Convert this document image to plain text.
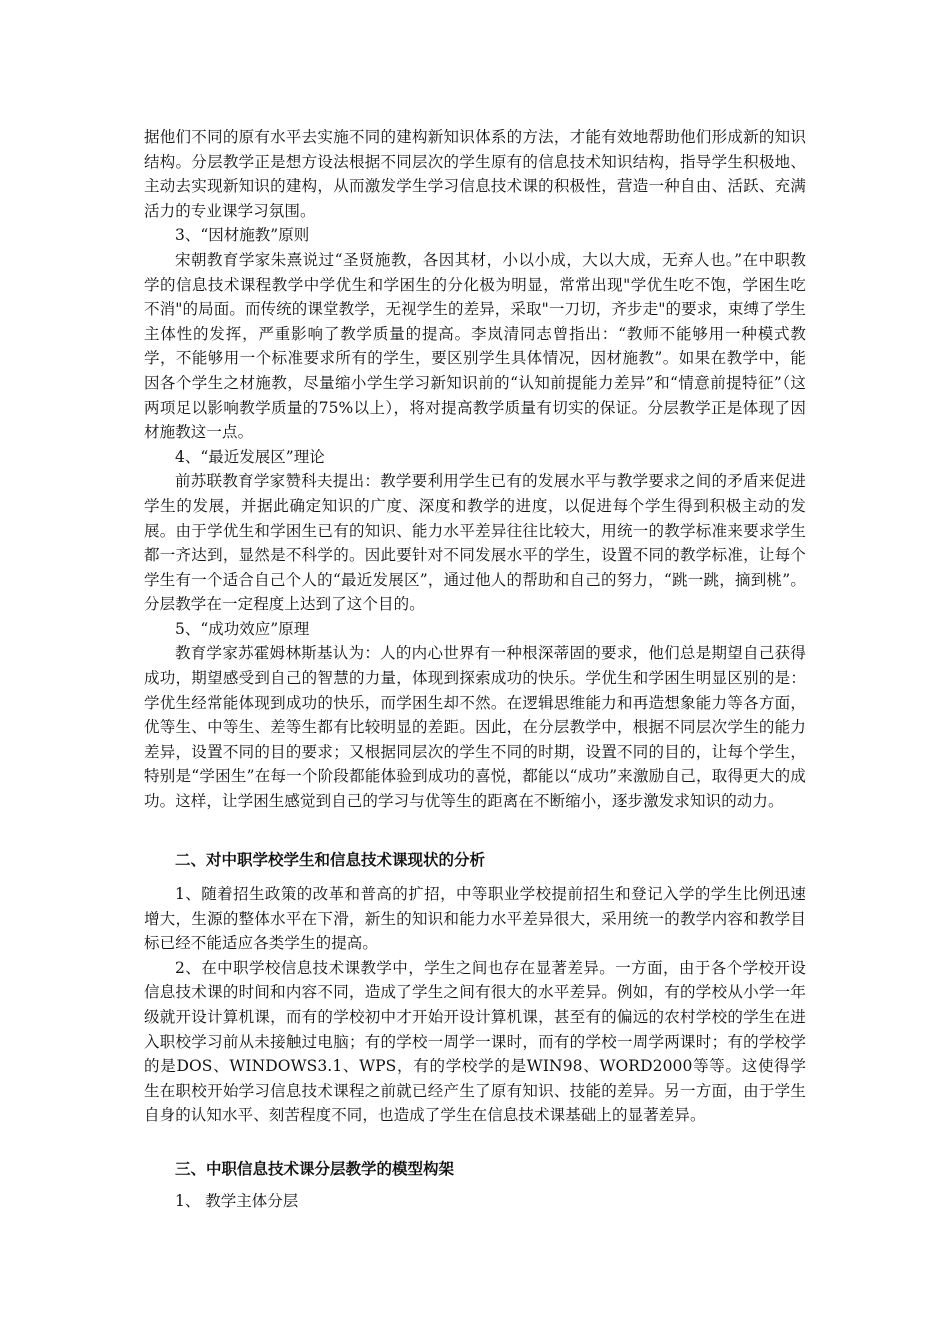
据他们不同的原有水平去实施不同的建构新知识体系的方法，才能有效地帮助他们形成新的知识结构。分层教学正是想方设法根据不同层次的学生原有的信息技术知识结构，指导学生积极地、主动去实现新知识的建构，从而激发学生学习信息技术课的积极性，营造一种自由、活跃、充满活力的专业课学习氛围。

3、“因材施教”原则

宋朝教育学家朱熹说过“圣贤施教，各因其材，小以小成，大以大成，无弃人也。”在中职教学的信息技术课程教学中学优生和学困生的分化极为明显，常常出现"学优生吃不饱，学困生吃不消"的局面。而传统的课堂教学，无视学生的差异，采取"一刀切，齐步走"的要求，束缚了学生主体性的发挥，严重影响了教学质量的提高。李岚清同志曾指出：“教师不能够用一种模式教学，不能够用一个标准要求所有的学生，要区别学生具体情况，因材施教”。如果在教学中，能因各个学生之材施教，尽量缩小学生学习新知识前的“认知前提能力差异”和“情意前提特征”（这两项足以影响教学质量的75%以上），将对提高教学质量有切实的保证。分层教学正是体现了因材施教这一点。

4、“最近发展区”理论

前苏联教育学家赞科夫提出：教学要利用学生已有的发展水平与教学要求之间的矛盾来促进学生的发展，并据此确定知识的广度、深度和教学的进度，以促进每个学生得到积极主动的发展。由于学优生和学困生已有的知识、能力水平差异往往比较大，用统一的教学标准来要求学生都一齐达到，显然是不科学的。因此要针对不同发展水平的学生，设置不同的教学标准，让每个学生有一个适合自己个人的“最近发展区”，通过他人的帮助和自己的努力，“跳一跳，摘到桃”。分层教学在一定程度上达到了这个目的。

5、“成功效应”原理

教育学家苏霍姆林斯基认为：人的内心世界有一种根深蒂固的要求，他们总是期望自己获得成功，期望感受到自己的智慧的力量，体现到探索成功的快乐。学优生和学困生明显区别的是：学优生经常能体现到成功的快乐，而学困生却不然。在逻辑思维能力和再造想象能力等各方面，优等生、中等生、差等生都有比较明显的差距。因此，在分层教学中，根据不同层次学生的能力差异，设置不同的目的要求；又根据同层次的学生不同的时期，设置不同的目的，让每个学生，特别是“学困生”在每一个阶段都能体验到成功的喜悦，都能以“成功”来激励自己，取得更大的成功。这样，让学困生感觉到自己的学习与优等生的距离在不断缩小，逐步激发求知识的动力。

二、对中职学校学生和信息技术课现状的分析

1、随着招生政策的改革和普高的扩招，中等职业学校提前招生和登记入学的学生比例迅速增大，生源的整体水平在下滑，新生的知识和能力水平差异很大，采用统一的教学内容和教学目标已经不能适应各类学生的提高。

2、在中职学校信息技术课教学中，学生之间也存在显著差异。一方面，由于各个学校开设信息技术课的时间和内容不同，造成了学生之间有很大的水平差异。例如，有的学校从小学一年级就开设计算机课，而有的学校初中才开始开设计算机课，甚至有的偏远的农村学校的学生在进入职校学习前从未接触过电脑；有的学校一周学一课时，而有的学校一周学两课时；有的学校学的是DOS、WINDOWS3.1、WPS，有的学校学的是WIN98、WORD2000等等。这使得学生在职校开始学习信息技术课程之前就已经产生了原有知识、技能的差异。另一方面，由于学生自身的认知水平、刻苦程度不同，也造成了学生在信息技术课基础上的显著差异。

三、中职信息技术课分层教学的模型构架

1、 教学主体分层
